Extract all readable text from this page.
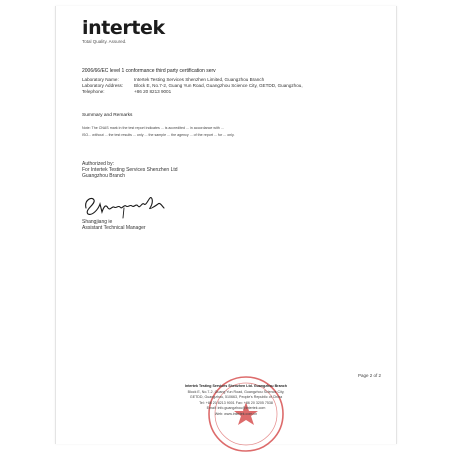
intertek
Total Quality. Assured.
2006/66/EC level 1 conformance third party certification serv
Laboratory Name:	Intertek Testing Services Shenzhen Limited, Guangzhou Branch
Laboratory Address:	Block E, No.7-2, Guang Yun Road, Guangzhou Science City, GETDD, Guangzhou,
Telephone:	+86 20 8213 9001
Summary and Remarks
Note: The CNAS mark in the test report indicates ... is accredited ... in accordance with ...
ISO... without ... the test results ... only ... the sample ... the agency ... of the report ... for ... only.
Authorized by:
For Intertek Testing Services Shenzhen Ltd
Guangzhou Branch
Shangjiang ie
Assistant Technical Manager
Page 2 of 2
Intertek Testing Services Shenzhen Ltd. Guangzhou Branch
Block E, No.7-2, Guang Yun Road, Guangzhou Science City,
GETDD, Guangzhou, 510663, People's Republic of China
Tel: +86 20 8213 9001 Fax: +86 20 3205 7538
Email: info.guangzhou@intertek.com
Web: www.intertek.com.cn
